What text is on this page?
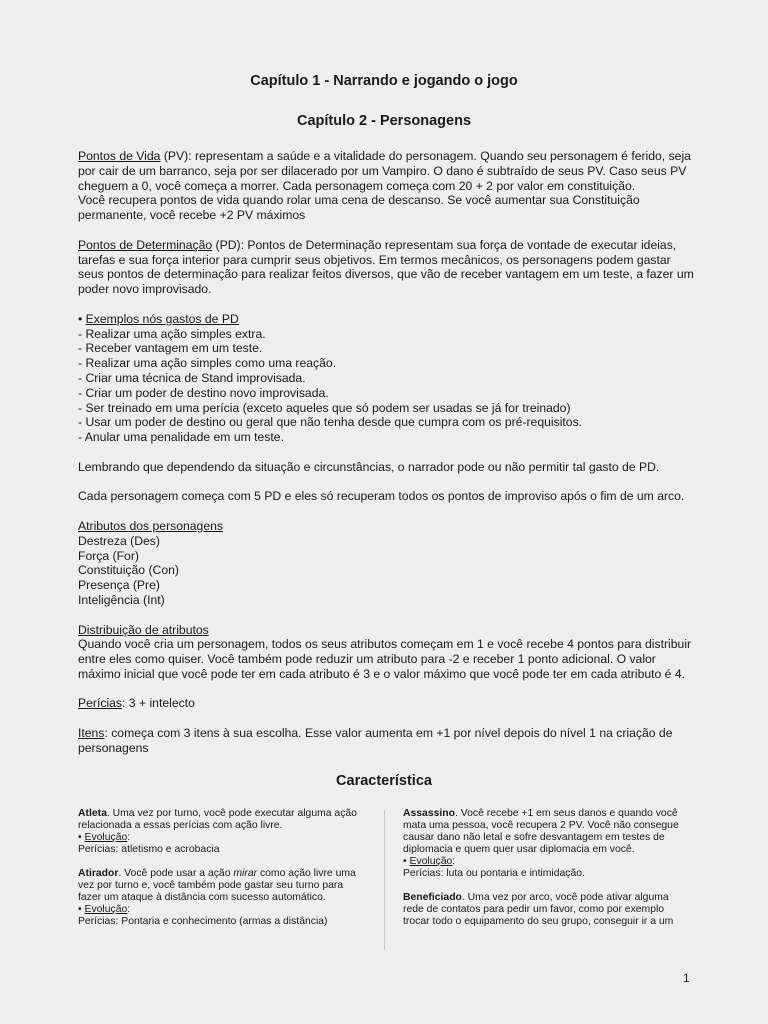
Capítulo 1 - Narrando e jogando o jogo
Capítulo 2 - Personagens

Pontos de Vida (PV): representam a saúde e a vitalidade do personagem. Quando seu personagem é ferido, seja por cair de um barranco, seja por ser dilacerado por um Vampiro. O dano é subtraído de seus PV. Caso seus PV cheguem a 0, você começa a morrer. Cada personagem começa com 20 + 2 por valor em constituição.

Você recupera pontos de vida quando rolar uma cena de descanso. Se você aumentar sua Constituição permanente, você recebe +2 PV máximos

Pontos de Determinação (PD): Pontos de Determinação representam sua força de vontade de executar ideias, tarefas e sua força interior para cumprir seus objetivos. Em termos mecânicos, os personagens podem gastar seus pontos de determinação para realizar feitos diversos, que vão de receber vantagem em um teste, a fazer um poder novo improvisado.

• Exemplos nós gastos de PD

- Realizar uma ação simples extra.

- Receber vantagem em um teste.

- Realizar uma ação simples como uma reação.

- Criar uma técnica de Stand improvisada.

- Criar um poder de destino novo improvisada.

- Ser treinado em uma perícia (exceto aqueles que só podem ser usadas se já for treinado)

- Usar um poder de destino ou geral que não tenha desde que cumpra com os pré-requisitos.

- Anular uma penalidade em um teste.

Lembrando que dependendo da situação e circunstâncias, o narrador pode ou não permitir tal gasto de PD.

Cada personagem começa com 5 PD e eles só recuperam todos os pontos de improviso após o fim de um arco.

Atributos dos personagens

Destreza (Des)

Força (For)

Constituição (Con)

Presença (Pre)

Inteligência (Int)

Distribuição de atributos

Quando você cria um personagem, todos os seus atributos começam em 1 e você recebe 4 pontos para distribuir entre eles como quiser. Você também pode reduzir um atributo para -2 e receber 1 ponto adicional. O valor máximo inicial que você pode ter em cada atributo é 3 e o valor máximo que você pode ter em cada atributo é 4.

Perícias: 3 + intelecto

Itens: começa com 3 itens à sua escolha. Esse valor aumenta em +1 por nível depois do nível 1 na criação de personagens

Característica

Atleta. Uma vez por turno, você pode executar alguma ação relacionada a essas perícias com ação livre.

• Evolução:

Perícias: atletismo e acrobacia

Atirador. Você pode usar a ação mirar como ação livre uma vez por turno e, você também pode gastar seu turno para fazer um ataque à distância com sucesso automático.

• Evolução:

Perícias: Pontaria e conhecimento (armas a distância)

Assassino. Você recebe +1 em seus danos e quando você mata uma pessoa, você recupera 2 PV. Você não consegue causar dano não letal e sofre desvantagem em testes de diplomacia e quem quer usar diplomacia em você.

• Evolução:

Perícias: luta ou pontaria e intimidação.

Beneficiado. Uma vez por arco, você pode ativar alguma rede de contatos para pedir um favor, como por exemplo trocar todo o equipamento do seu grupo, conseguir ir a um

1
